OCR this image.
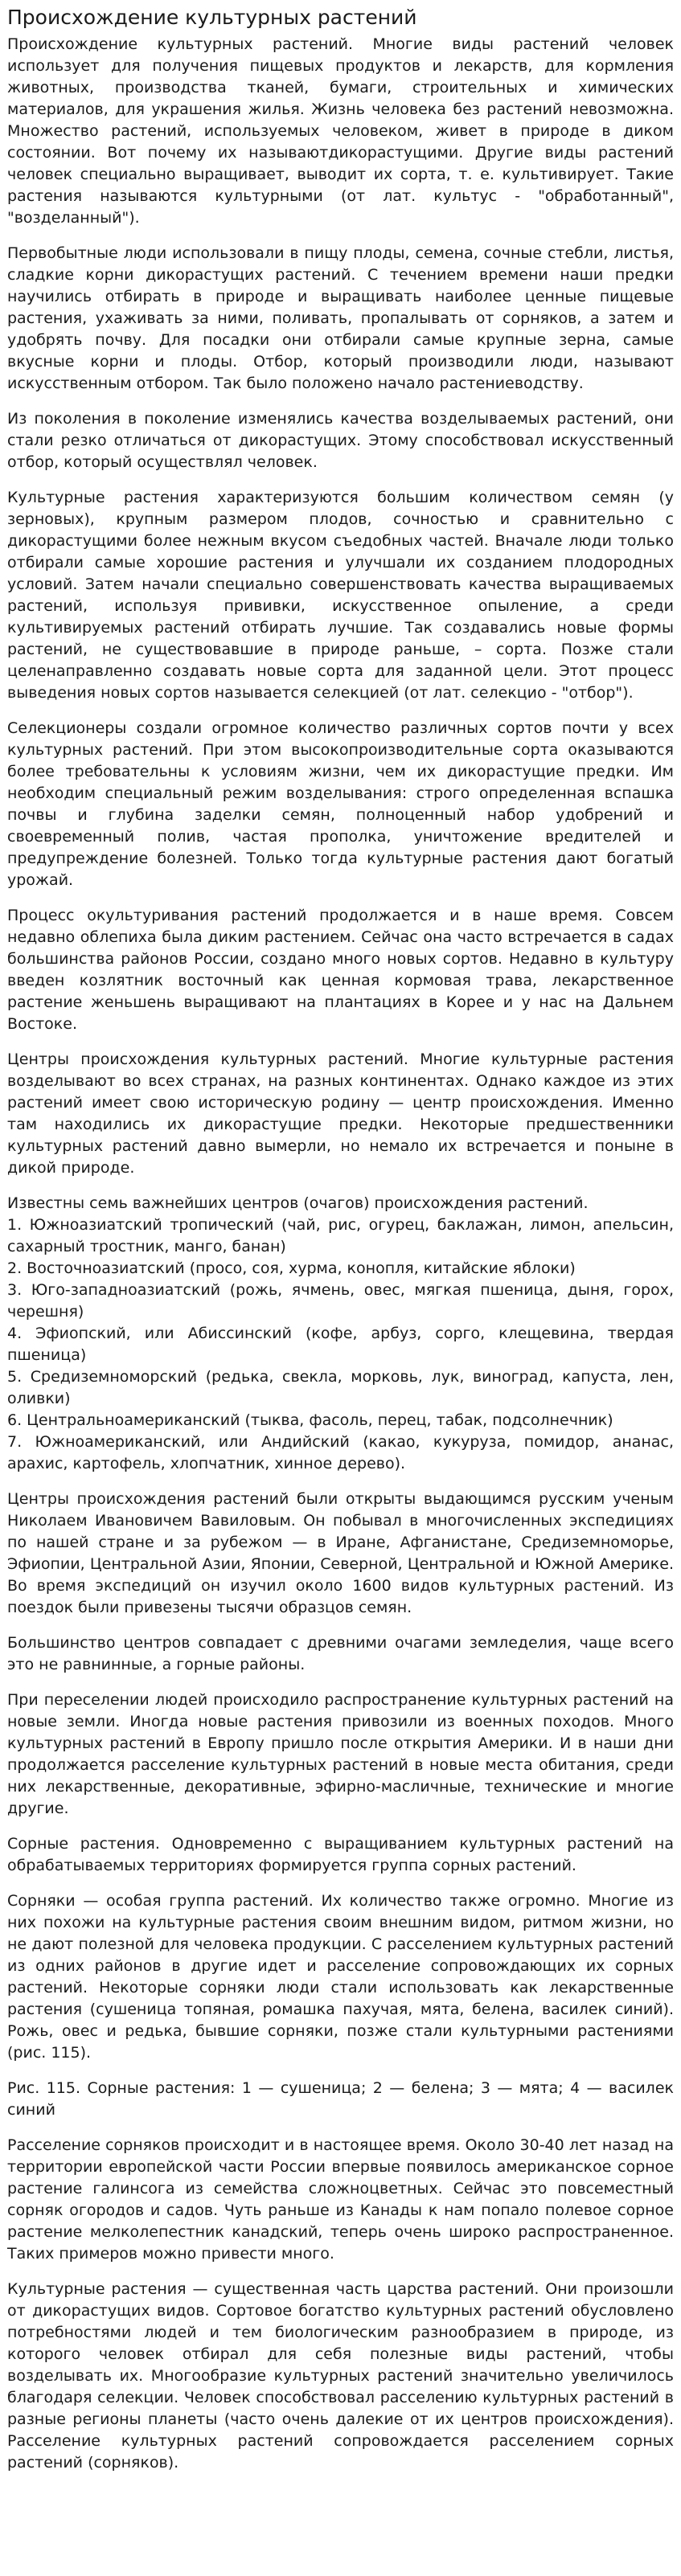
Происхождение культурных растений

Происхождение культурных растений. Многие виды растений человек использует для получения пищевых продуктов и лекарств, для кормления животных, производства тканей, бумаги, строительных и химических материалов, для украшения жилья. Жизнь человека без растений невозможна. Множество растений, используемых человеком, живет в природе в диком состоянии. Вот почему их называютдикорастущими. Другие виды растений человек специально выращивает, выводит их сорта, т. е. культивирует. Такие растения называются культурными (от лат. культус - "обработанный", "возделанный").

Первобытные люди использовали в пищу плоды, семена, сочные стебли, листья, сладкие корни дикорастущих растений. С течением времени наши предки научились отбирать в природе и выращивать наиболее ценные пищевые растения, ухаживать за ними, поливать, пропалывать от сорняков, а затем и удобрять почву. Для посадки они отбирали самые крупные зерна, самые вкусные корни и плоды. Отбор, который производили люди, называют искусственным отбором. Так было положено начало растениеводству.

Из поколения в поколение изменялись качества возделываемых растений, они стали резко отличаться от дикорастущих. Этому способствовал искусственный отбор, который осуществлял человек.

Культурные растения характеризуются большим количеством семян (у зерновых), крупным размером плодов, сочностью и сравнительно с дикорастущими более нежным вкусом съедобных частей. Вначале люди только отбирали самые хорошие растения и улучшали их созданием плодородных условий. Затем начали специально совершенствовать качества выращиваемых растений, используя прививки, искусственное опыление, а среди культивируемых растений отбирать лучшие. Так создавались новые формы растений, не существовавшие в природе раньше, – сорта. Позже стали целенаправленно создавать новые сорта для заданной цели. Этот процесс выведения новых сортов называется селекцией (от лат. селекцио - "отбор").

Селекционеры создали огромное количество различных сортов почти у всех культурных растений. При этом высокопроизводительные сорта оказываются более требовательны к условиям жизни, чем их дикорастущие предки. Им необходим специальный режим возделывания: строго определенная вспашка почвы и глубина заделки семян, полноценный набор удобрений и своевременный полив, частая прополка, уничтожение вредителей и предупреждение болезней. Только тогда культурные растения дают богатый урожай.

Процесс окультуривания растений продолжается и в наше время. Совсем недавно облепиха была диким растением. Сейчас она часто встречается в садах большинства районов России, создано много новых сортов. Недавно в культуру введен козлятник восточный как ценная кормовая трава, лекарственное растение женьшень выращивают на плантациях в Корее и у нас на Дальнем Востоке.

Центры происхождения культурных растений. Многие культурные растения возделывают во всех странах, на разных континентах. Однако каждое из этих растений имеет свою историческую родину — центр происхождения. Именно там находились их дикорастущие предки. Некоторые предшественники культурных растений давно вымерли, но немало их встречается и поныне в дикой природе.

Известны семь важнейших центров (очагов) происхождения растений.

1. Южноазиатский тропический (чай, рис, огурец, баклажан, лимон, апельсин, сахарный тростник, манго, банан)

2. Восточноазиатский (просо, соя, хурма, конопля, китайские яблоки)

3. Юго-западноазиатский (рожь, ячмень, овес, мягкая пшеница, дыня, горох, черешня)

4. Эфиопский, или Абиссинский (кофе, арбуз, сорго, клещевина, твердая пшеница)

5. Средиземноморский (редька, свекла, морковь, лук, виноград, капуста, лен, оливки)

6. Центральноамериканский (тыква, фасоль, перец, табак, подсолнечник)

7. Южноамериканский, или Андийский (какао, кукуруза, помидор, ананас, арахис, картофель, хлопчатник, хинное дерево).

Центры происхождения растений были открыты выдающимся русским ученым Николаем Ивановичем Вавиловым. Он побывал в многочисленных экспедициях по нашей стране и за рубежом — в Иране, Афганистане, Средиземноморье, Эфиопии, Центральной Азии, Японии, Северной, Центральной и Южной Америке. Во время экспедиций он изучил около 1600 видов культурных растений. Из поездок были привезены тысячи образцов семян.

Большинство центров совпадает с древними очагами земледелия, чаще всего это не равнинные, а горные районы.

При переселении людей происходило распространение культурных растений на новые земли. Иногда новые растения привозили из военных походов. Много культурных растений в Европу пришло после открытия Америки. И в наши дни продолжается расселение культурных растений в новые места обитания, среди них лекарственные, декоративные, эфирно-масличные, технические и многие другие.

Сорные растения. Одновременно с выращиванием культурных растений на обрабатываемых территориях формируется группа сорных растений.

Сорняки — особая группа растений. Их количество также огромно. Многие из них похожи на культурные растения своим внешним видом, ритмом жизни, но не дают полезной для человека продукции. С расселением культурных растений из одних районов в другие идет и расселение сопровождающих их сорных растений. Некоторые сорняки люди стали использовать как лекарственные растения (сушеница топяная, ромашка пахучая, мята, белена, василек синий). Рожь, овес и редька, бывшие сорняки, позже стали культурными растениями (рис. 115).

Рис. 115. Сорные растения: 1 — сушеница; 2 — белена; 3 — мята; 4 — василек синий

Расселение сорняков происходит и в настоящее время. Около 30-40 лет назад на территории европейской части России впервые появилось американское сорное растение галинсога из семейства сложноцветных. Сейчас это повсеместный сорняк огородов и садов. Чуть раньше из Канады к нам попало полевое сорное растение мелколепестник канадский, теперь очень широко распространенное. Таких примеров можно привести много.

Культурные растения — существенная часть царства растений. Они произошли от дикорастущих видов. Сортовое богатство культурных растений обусловлено потребностями людей и тем биологическим разнообразием в природе, из которого человек отбирал для себя полезные виды растений, чтобы возделывать их. Многообразие культурных растений значительно увеличилось благодаря селекции. Человек способствовал расселению культурных растений в разные регионы планеты (часто очень далекие от их центров происхождения). Расселение культурных растений сопровождается расселением сорных растений (сорняков).
